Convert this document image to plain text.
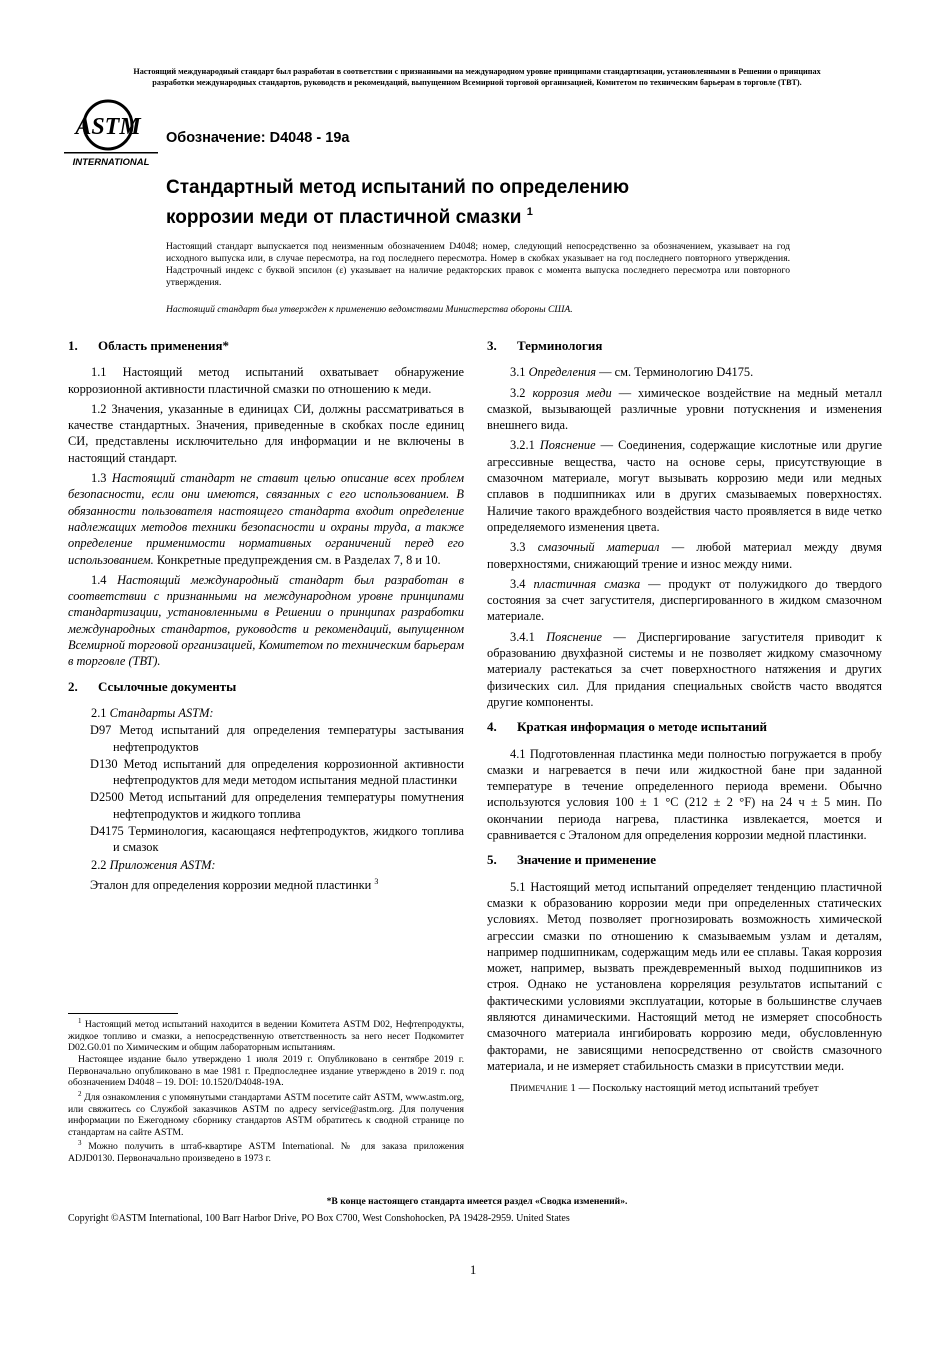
Настоящий международный стандарт был разработан в соответствии с признанными на международном уровне принципами стандартизации, установленными в Решении о принципах
разработки международных стандартов, руководств и рекомендаций, выпущенном Всемирной торговой организацией, Комитетом по техническим барьерам в торговле (ТВТ).
ASTM
INTERNATIONAL
Обозначение: D4048 - 19a
Стандартный метод испытаний по определению
коррозии меди от пластичной смазки $^1$
Настоящий стандарт выпускается под неизменным обозначением D4048; номер, следующий непосредственно за обозначением, указывает на год исходного выпуска или, в случае пересмотра, на год последнего пересмотра. Номер в скобках указывает на год последнего повторного утверждения. Надстрочный индекс с буквой эпсилон (ε) указывает на наличие редакторских правок с момента выпуска последнего пересмотра или повторного утверждения.
Настоящий стандарт был утвержден к применению ведомствами Министерства обороны США.
1. Область применения*

1.1 Настоящий метод испытаний охватывает обнаружение коррозионной активности пластичной смазки по отношению к меди.

1.2 Значения, указанные в единицах СИ, должны рассматриваться в качестве стандартных. Значения, приведенные в скобках после единиц СИ, представлены исключительно для информации и не включены в настоящий стандарт.

1.3 Настоящий стандарт не ставит целью описание всех проблем безопасности, если они имеются, связанных с его использованием. В обязанности пользователя настоящего стандарта входит определение надлежащих методов техники безопасности и охраны труда, а также определение применимости нормативных ограничений перед его использованием. Конкретные предупреждения см. в Разделах 7, 8 и 10.

1.4 Настоящий международный стандарт был разработан в соответствии с признанными на международном уровне принципами стандартизации, установленными в Решении о принципах разработки международных стандартов, руководств и рекомендаций, выпущенном Всемирной торговой организацией, Комитетом по техническим барьерам в торговле (ТВТ).

2. Ссылочные документы

2.1 Стандарты ASTM:

D97 Метод испытаний для определения температуры застывания нефтепродуктов

D130 Метод испытаний для определения коррозионной активности нефтепродуктов для меди методом испытания медной пластинки

D2500 Метод испытаний для определения температуры помутнения нефтепродуктов и жидкого топлива

D4175 Терминология, касающаяся нефтепродуктов, жидкого топлива и смазок

2.2 Приложения ASTM:

Эталон для определения коррозии медной пластинки $^3$

$^1$ Настоящий метод испытаний находится в ведении Комитета ASTM D02, Нефтепродукты, жидкое топливо и смазки, а непосредственную ответственность за него несет Подкомитет D02.G0.01 по Химическим и общим лабораторным испытаниям.

Настоящее издание было утверждено 1 июля 2019 г. Опубликовано в сентябре 2019 г. Первоначально опубликовано в мае 1981 г. Предпоследнее издание утверждено в 2019 г. под обозначением D4048 – 19. DOI: 10.1520/D4048-19A.

$^2$ Для ознакомления с упомянутыми стандартами ASTM посетите сайт ASTM, www.astm.org, или свяжитесь со Службой заказчиков ASTM по адресу service@astm.org. Для получения информации по Ежегодному сборнику стандартов ASTM обратитесь к сводной странице по стандартам на сайте ASTM.

$^3$ Можно получить в штаб-квартире ASTM International. № для заказа приложения ADJD0130. Первоначально произведено в 1973 г.

3. Терминология

3.1 Определения — см. Терминологию D4175.

3.2 коррозия меди — химическое воздействие на медный металл смазкой, вызывающей различные уровни потускнения и изменения внешнего вида.

3.2.1 Пояснение — Соединения, содержащие кислотные или другие агрессивные вещества, часто на основе серы, присутствующие в смазочном материале, могут вызывать коррозию меди или медных сплавов в подшипниках или в других смазываемых поверхностях. Наличие такого враждебного воздействия часто проявляется в виде четко определяемого изменения цвета.

3.3 смазочный материал — любой материал между двумя поверхностями, снижающий трение и износ между ними.

3.4 пластичная смазка — продукт от полужидкого до твердого состояния за счет загустителя, диспергированного в жидком смазочном материале.

3.4.1 Пояснение — Диспергирование загустителя приводит к образованию двухфазной системы и не позволяет жидкому смазочному материалу растекаться за счет поверхностного натяжения и других физических сил. Для придания специальных свойств часто вводятся другие компоненты.

4. Краткая информация о методе испытаний

4.1 Подготовленная пластинка меди полностью погружается в пробу смазки и нагревается в печи или жидкостной бане при заданной температуре в течение определенного периода времени. Обычно используются условия 100 ± 1 °C (212 ± 2 °F) на 24 ч ± 5 мин. По окончании периода нагрева, пластинка извлекается, моется и сравнивается с Эталоном для определения коррозии медной пластинки.

5. Значение и применение

5.1 Настоящий метод испытаний определяет тенденцию пластичной смазки к образованию коррозии меди при определенных статических условиях. Метод позволяет прогнозировать возможность химической агрессии смазки по отношению к смазываемым узлам и деталям, например подшипникам, содержащим медь или ее сплавы. Такая коррозия может, например, вызвать преждевременный выход подшипников из строя. Однако не установлена корреляция результатов испытаний с фактическими условиями эксплуатации, которые в большинстве случаев являются динамическими. Настоящий метод не измеряет способность смазочного материала ингибировать коррозию меди, обусловленную факторами, не зависящими непосредственно от свойств смазочного материала, и не измеряет стабильность смазки в присутствии меди.

Примечание 1 — Поскольку настоящий метод испытаний требует

*В конце настоящего стандарта имеется раздел «Сводка изменений».
Copyright ©ASTM International, 100 Barr Harbor Drive, PO Box C700, West Conshohocken, PA 19428-2959. United States
1
